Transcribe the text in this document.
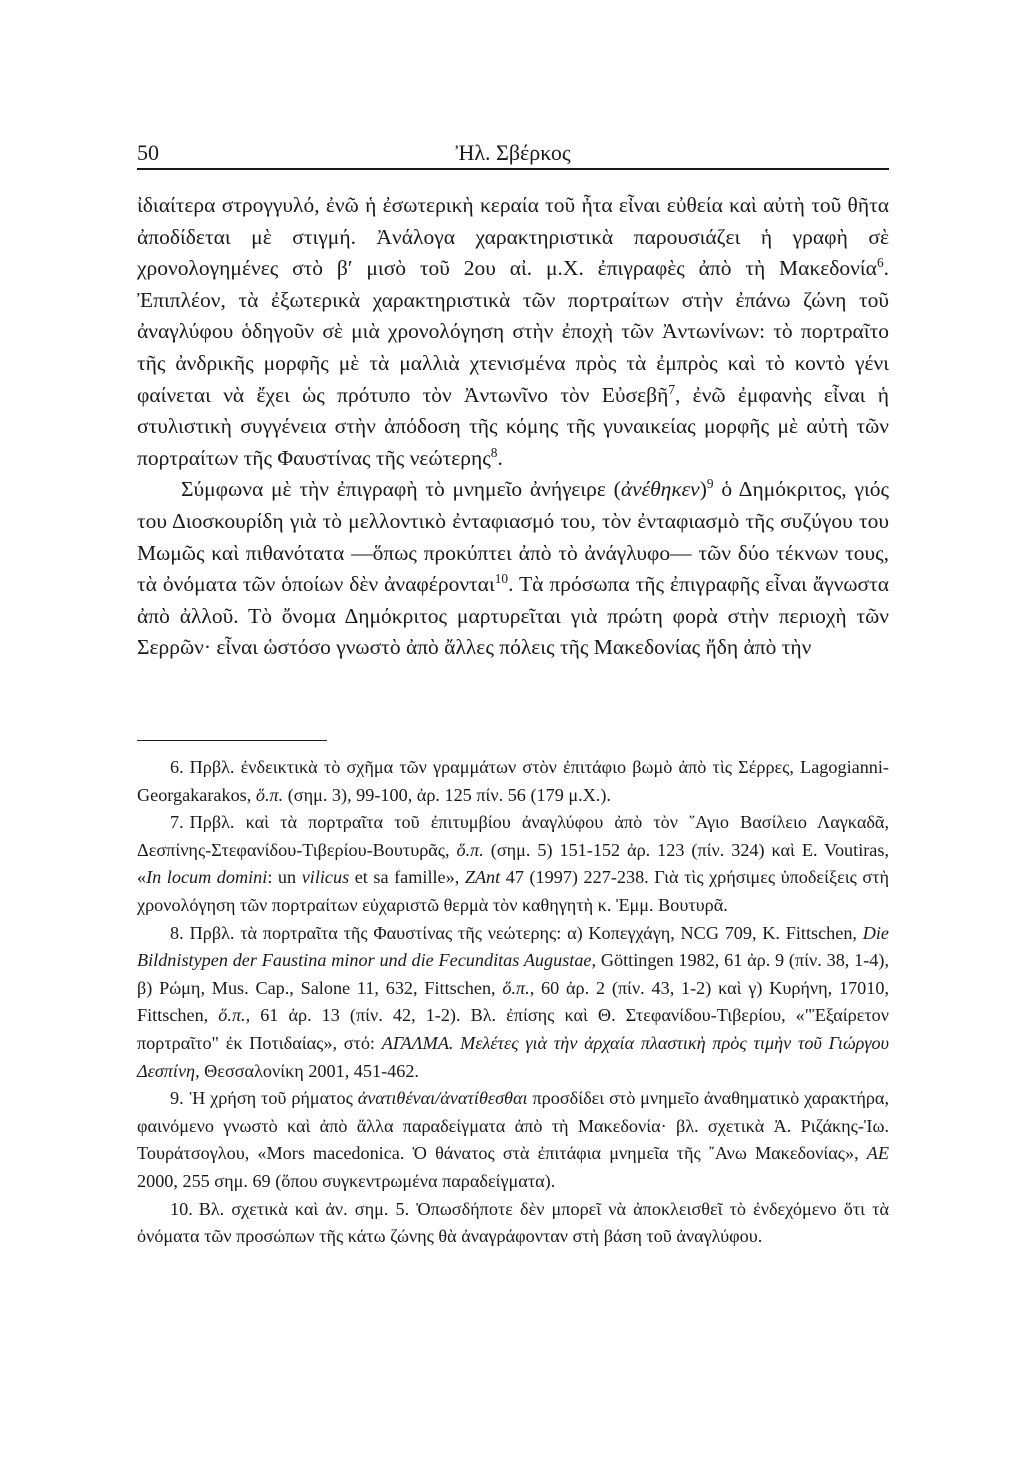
50	Ἠλ. Σβέρκος

ἰδιαίτερα στρογγυλό, ἐνῶ ἡ ἐσωτερικὴ κεραία τοῦ ἦτα εἶναι εὐθεία καὶ αὐτὴ τοῦ θῆτα ἀποδίδεται μὲ στιγμή. Ἀνάλογα χαρακτηριστικὰ παρουσιάζει ἡ γραφὴ σὲ χρονολογημένες στὸ β′ μισὸ τοῦ 2ου αἰ. μ.Χ. ἐπιγραφὲς ἀπὸ τὴ Μακεδονία$^6$. Ἐπιπλέον, τὰ ἐξωτερικὰ χαρακτηριστικὰ τῶν πορτραίτων στὴν ἐπάνω ζώνη τοῦ ἀναγλύφου ὁδηγοῦν σὲ μιὰ χρονολόγηση στὴν ἐποχὴ τῶν Ἀντωνίνων: τὸ πορτραῖτο τῆς ἀνδρικῆς μορφῆς μὲ τὰ μαλλιὰ χτενισμένα πρὸς τὰ ἐμπρὸς καὶ τὸ κοντὸ γένι φαίνεται νὰ ἔχει ὡς πρότυπο τὸν Ἀντωνῖνο τὸν Εὐσεβῆ$^7$, ἐνῶ ἐμφανὴς εἶναι ἡ στυλιστικὴ συγγένεια στὴν ἀπόδοση τῆς κόμης τῆς γυναικείας μορφῆς μὲ αὐτὴ τῶν πορτραίτων τῆς Φαυστίνας τῆς νεώτερης$^8$.

Σύμφωνα μὲ τὴν ἐπιγραφὴ τὸ μνημεῖο ἀνήγειρε (ἀνέθηκεν)$^9$ ὁ Δημόκριτος, γιός του Διοσκουρίδη γιὰ τὸ μελλοντικὸ ἐνταφιασμό του, τὸν ἐνταφιασμὸ τῆς συζύγου του Μωμῶς καὶ πιθανότατα —ὅπως προκύπτει ἀπὸ τὸ ἀνάγλυφο— τῶν δύο τέκνων τους, τὰ ὀνόματα τῶν ὁποίων δὲν ἀναφέρονται$^{10}$. Τὰ πρόσωπα τῆς ἐπιγραφῆς εἶναι ἄγνωστα ἀπὸ ἀλλοῦ. Τὸ ὄνομα Δημόκριτος μαρτυρεῖται γιὰ πρώτη φορὰ στὴν περιοχὴ τῶν Σερρῶν· εἶναι ὡστόσο γνωστὸ ἀπὸ ἄλλες πόλεις τῆς Μακεδονίας ἤδη ἀπὸ τὴν

6. Πρβλ. ἐνδεικτικὰ τὸ σχῆμα τῶν γραμμάτων στὸν ἐπιτάφιο βωμὸ ἀπὸ τὶς Σέρρες, Lagogianni-Georgakarakos, ὅ.π. (σημ. 3), 99-100, ἀρ. 125 πίν. 56 (179 μ.Χ.).

7. Πρβλ. καὶ τὰ πορτραῖτα τοῦ ἐπιτυμβίου ἀναγλύφου ἀπὸ τὸν ῞Αγιο Βασίλειο Λαγκαδᾶ, Δεσπίνης-Στεφανίδου-Τιβερίου-Βουτυρᾶς, ὅ.π. (σημ. 5) 151-152 ἀρ. 123 (πίν. 324) καὶ E. Voutiras, «In locum domini: un vilicus et sa famille», ZAnt 47 (1997) 227-238. Γιὰ τὶς χρήσιμες ὑποδείξεις στὴ χρονολόγηση τῶν πορτραίτων εὐχαριστῶ θερμὰ τὸν καθηγητὴ κ. Ἐμμ. Βουτυρᾶ.

8. Πρβλ. τὰ πορτραῖτα τῆς Φαυστίνας τῆς νεώτερης: α) Κοπεγχάγη, NCG 709, K. Fittschen, Die Bildnistypen der Faustina minor und die Fecunditas Augustae, Göttingen 1982, 61 ἀρ. 9 (πίν. 38, 1-4), β) Ρώμη, Mus. Cap., Salone 11, 632, Fittschen, ὅ.π., 60 ἀρ. 2 (πίν. 43, 1-2) καὶ γ) Κυρήνη, 17010, Fittschen, ὅ.π., 61 ἀρ. 13 (πίν. 42, 1-2). Βλ. ἐπίσης καὶ Θ. Στεφανίδου-Τιβερίου, «"Ἐξαίρετον πορτραῖτο" ἐκ Ποτιδαίας», στό: ΑΓΑΛΜΑ. Μελέτες γιὰ τὴν ἀρχαία πλαστικὴ πρὸς τιμὴν τοῦ Γιώργου Δεσπίνη, Θεσσαλονίκη 2001, 451-462.

9. Ἡ χρήση τοῦ ρήματος ἀνατιθέναι/ἀνατίθεσθαι προσδίδει στὸ μνημεῖο ἀναθηματικὸ χαρακτήρα, φαινόμενο γνωστὸ καὶ ἀπὸ ἄλλα παραδείγματα ἀπὸ τὴ Μακεδονία· βλ. σχετικὰ Ἀ. Ριζάκης-Ἰω. Τουράτσογλου, «Mors macedonica. Ὁ θάνατος στὰ ἐπιτάφια μνημεῖα τῆς ῎Ανω Μακεδονίας», ΑΕ 2000, 255 σημ. 69 (ὅπου συγκεντρωμένα παραδείγματα).

10. Βλ. σχετικὰ καὶ ἀν. σημ. 5. Ὁπωσδήποτε δὲν μπορεῖ νὰ ἀποκλεισθεῖ τὸ ἐνδεχόμενο ὅτι τὰ ὀνόματα τῶν προσώπων τῆς κάτω ζώνης θὰ ἀναγράφονταν στὴ βάση τοῦ ἀναγλύφου.
